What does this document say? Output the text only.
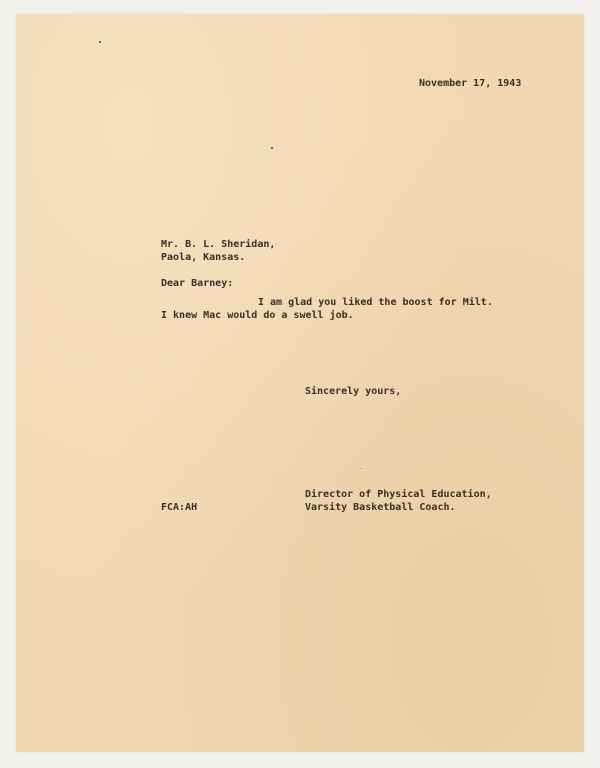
November 17, 1943
Mr. B. L. Sheridan,
Paola, Kansas.
Dear Barney:
I am glad you liked the boost for Milt.
I knew Mac would do a swell job.
Sincerely yours,
FCA:AH
Director of Physical Education,
Varsity Basketball Coach.
